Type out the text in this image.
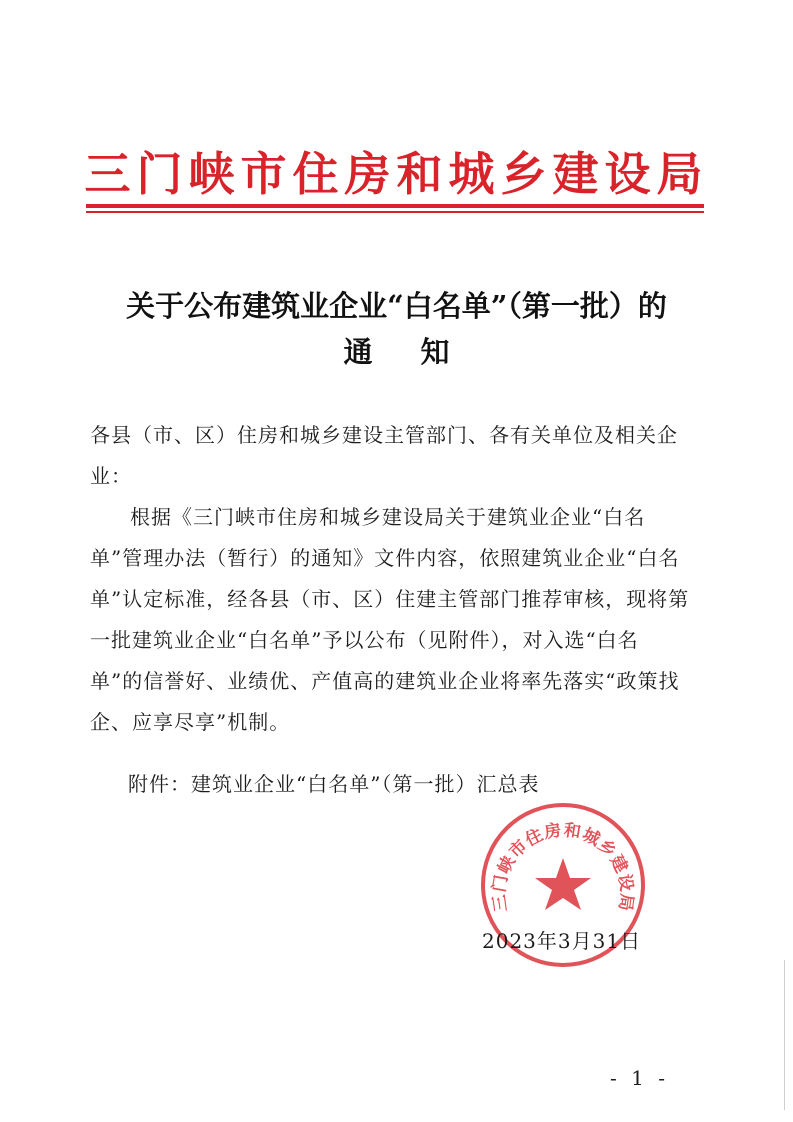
三门峡市住房和城乡建设局
关于公布建筑业企业“白名单”（第一批）的
通知

各县（市、区）住房和城乡建设主管部门、各有关单位及相关企业：

根据《三门峡市住房和城乡建设局关于建筑业企业“白名单”管理办法（暂行）的通知》文件内容，依照建筑业企业“白名单”认定标准，经各县（市、区）住建主管部门推荐审核，现将第一批建筑业企业“白名单”予以公布（见附件），对入选“白名单”的信誉好、业绩优、产值高的建筑业企业将率先落实“政策找企、应享尽享”机制。

附件：建筑业企业“白名单”（第一批）汇总表
三门峡市住房和城乡建设局
2023年3月31日
- 1 -
